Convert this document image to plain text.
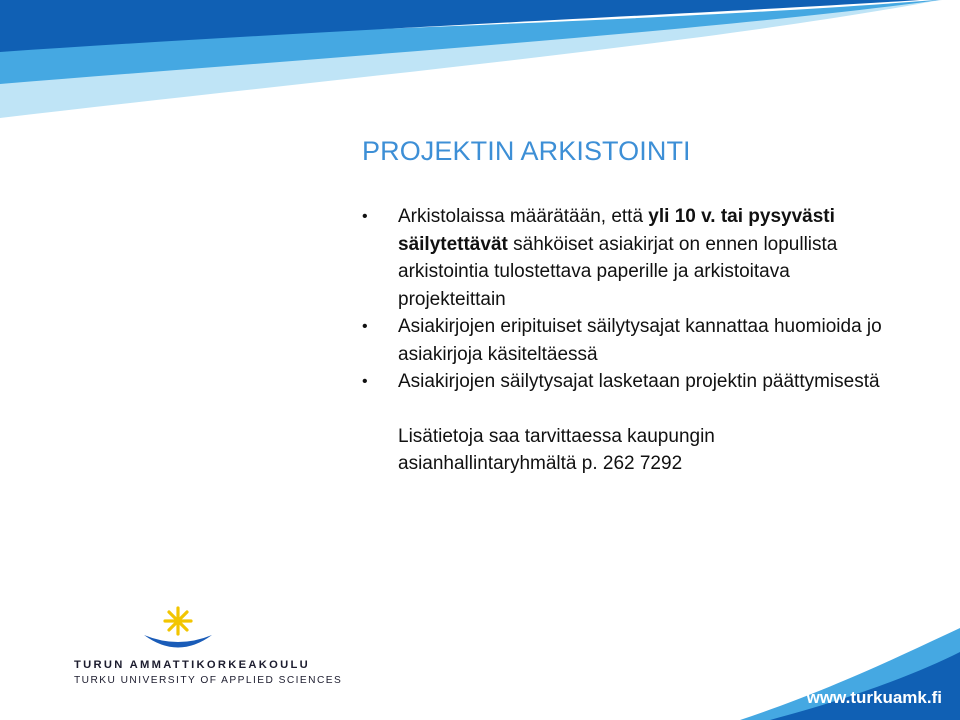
PROJEKTIN ARKISTOINTI
• Arkistolaissa määrätään, että yli 10 v. tai pysyvästi säilytettävät sähköiset asiakirjat on ennen lopullista arkistointia tulostettava paperille ja arkistoitava projekteittain
• Asiakirjojen eripituiset säilytysajat kannattaa huomioida jo asiakirjoja käsiteltäessä
• Asiakirjojen säilytysajat lasketaan projektin päättymisestä
Lisätietoja saa tarvittaessa kaupungin asianhallintaryhmältä p. 262 7292
TURUN AMMATTIKORKEAKOULU
TURKU UNIVERSITY OF APPLIED SCIENCES
www.turkuamk.fi
